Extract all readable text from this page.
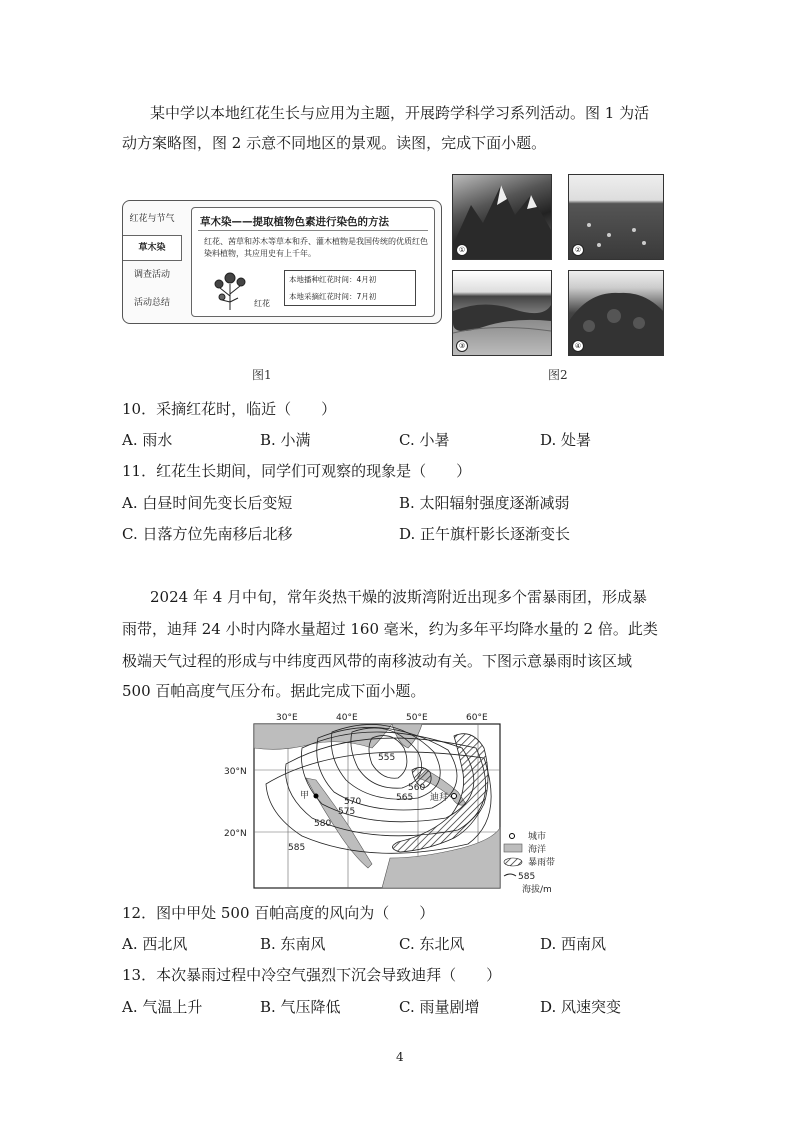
某中学以本地红花生长与应用为主题，开展跨学科学习系列活动。图 1 为活
动方案略图，图 2 示意不同地区的景观。读图，完成下面小题。
红花与节气
草木染
调查活动
活动总结
草木染——提取植物色素进行染色的方法
红花、茜草和苏木等草本和乔、灌木植物是我国传统的优质红色染料植物，其应用史有上千年。
红花
本地播种红花时间：4月初
本地采摘红花时间：7月初
图1
①	②
③	④
图2
10．采摘红花时，临近（　　）
A. 雨水	B. 小满	C. 小暑	D. 处暑
11．红花生长期间，同学们可观察的现象是（　　）
A. 白昼时间先变长后变短	B. 太阳辐射强度逐渐减弱
C. 日落方位先南移后北移	D. 正午旗杆影长逐渐变长
2024 年 4 月中旬，常年炎热干燥的波斯湾附近出现多个雷暴雨团，形成暴
雨带，迪拜 24 小时内降水量超过 160 毫米，约为多年平均降水量的 2 倍。此类
极端天气过程的形成与中纬度西风带的南移波动有关。下图示意暴雨时该区域
500 百帕高度气压分布。据此完成下面小题。
30°E	40°E	50°E	60°E
30°N
20°N
555
560
565
570
575
580
585
甲	迪拜
城市
海洋
暴雨带
585
海拔/m
12．图中甲处 500 百帕高度的风向为（　　）
A. 西北风	B. 东南风	C. 东北风	D. 西南风
13．本次暴雨过程中冷空气强烈下沉会导致迪拜（　　）
A. 气温上升	B. 气压降低	C. 雨量剧增	D. 风速突变
4
